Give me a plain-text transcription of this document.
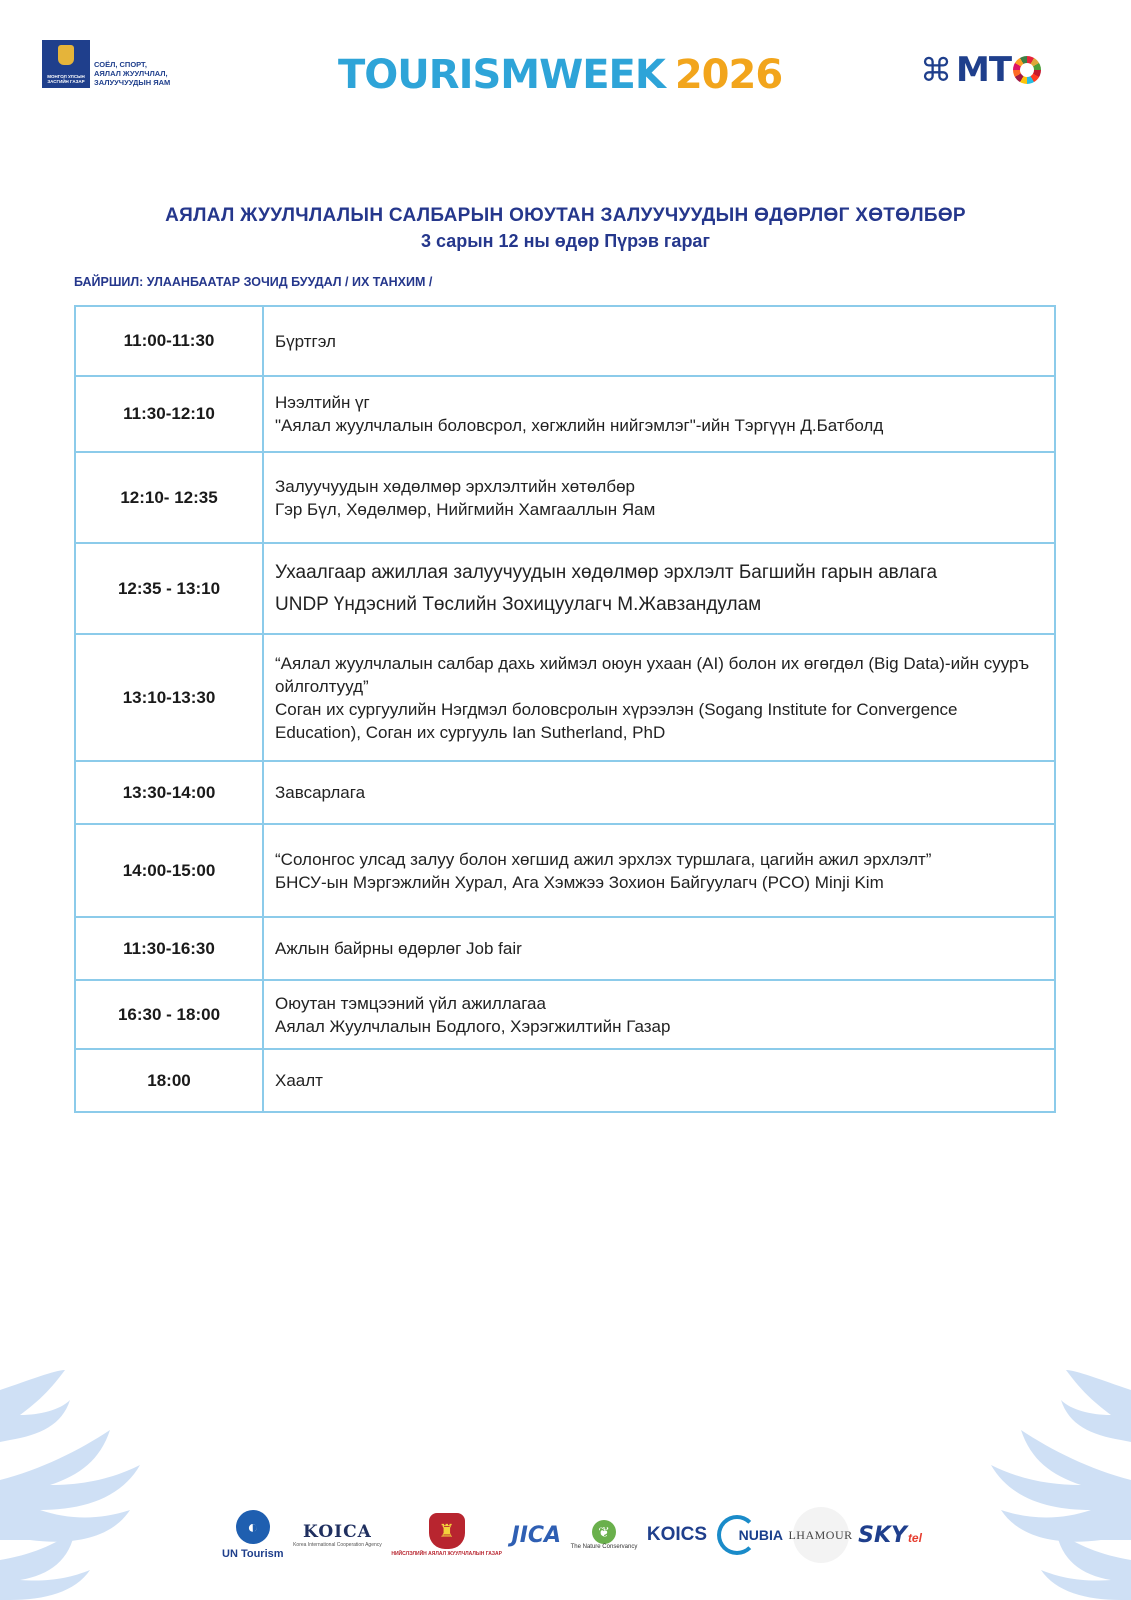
МОНГОЛ УЛСЫН ЗАСГИЙН ГАЗАР
СОЁЛ, СПОРТ,
АЯЛАЛ ЖУУЛЧЛАЛ,
ЗАЛУУЧУУДЫН ЯАМ	TOURISMWEEK 2026	⌘ MT
АЯЛАЛ ЖУУЛЧЛАЛЫН САЛБАРЫН ОЮУТАН ЗАЛУУЧУУДЫН ӨДӨРЛӨГ ХӨТӨЛБӨР
3 сарын 12 ны өдөр Пүрэв гараг
БАЙРШИЛ: УЛААНБААТАР ЗОЧИД БУУДАЛ / ИХ ТАНХИМ /
11:00-11:30	Бүртгэл

11:30-12:10	Нээлтийн үг
"Аялал жуулчлалын боловсрол, хөгжлийн нийгэмлэг"-ийн Тэргүүн Д.Батболд

12:10- 12:35	Залуучуудын хөдөлмөр эрхлэлтийн хөтөлбөр
Гэр Бүл, Хөдөлмөр, Нийгмийн Хамгааллын Яам

12:35 - 13:10	Ухаалгаар ажиллая залуучуудын хөдөлмөр эрхлэлт Багшийн гарын авлага
UNDP Үндэсний Төслийн Зохицуулагч М.Жавзандулам

13:10-13:30	“Аялал жуулчлалын салбар дахь хиймэл оюун ухаан (AI) болон их өгөгдөл (Big Data)-ийн сууръ ойлголтууд”
Соган их сургуулийн Нэгдмэл боловсролын хүрээлэн (Sogang Institute for Convergence Education), Соган их сургууль Ian Sutherland, PhD

13:30-14:00	Завсарлага

14:00-15:00	“Солонгос улсад залуу болон хөгшид ажил эрхлэх туршлага, цагийн ажил эрхлэлт”
БНСУ-ын Мэргэжлийн Хурал, Ага Хэмжээ Зохион Байгуулагч (PCO) Minji Kim

11:30-16:30	Ажлын байрны өдөрлөг Job fair

16:30 - 18:00	Оюутан тэмцээний үйл ажиллагаа
Аялал Жуулчлалын Бодлого, Хэрэгжилтийн Газар

18:00	Хаалт
◐
UN Tourism
KOICA
Korea International Cooperation Agency
♜
НИЙСЛЭЛИЙН АЯЛАЛ ЖУУЛЧЛАЛЫН ГАЗАР
JICA	❦
The Nature Conservancy
KOICS NUBIA LHAMOUR SKY tel
